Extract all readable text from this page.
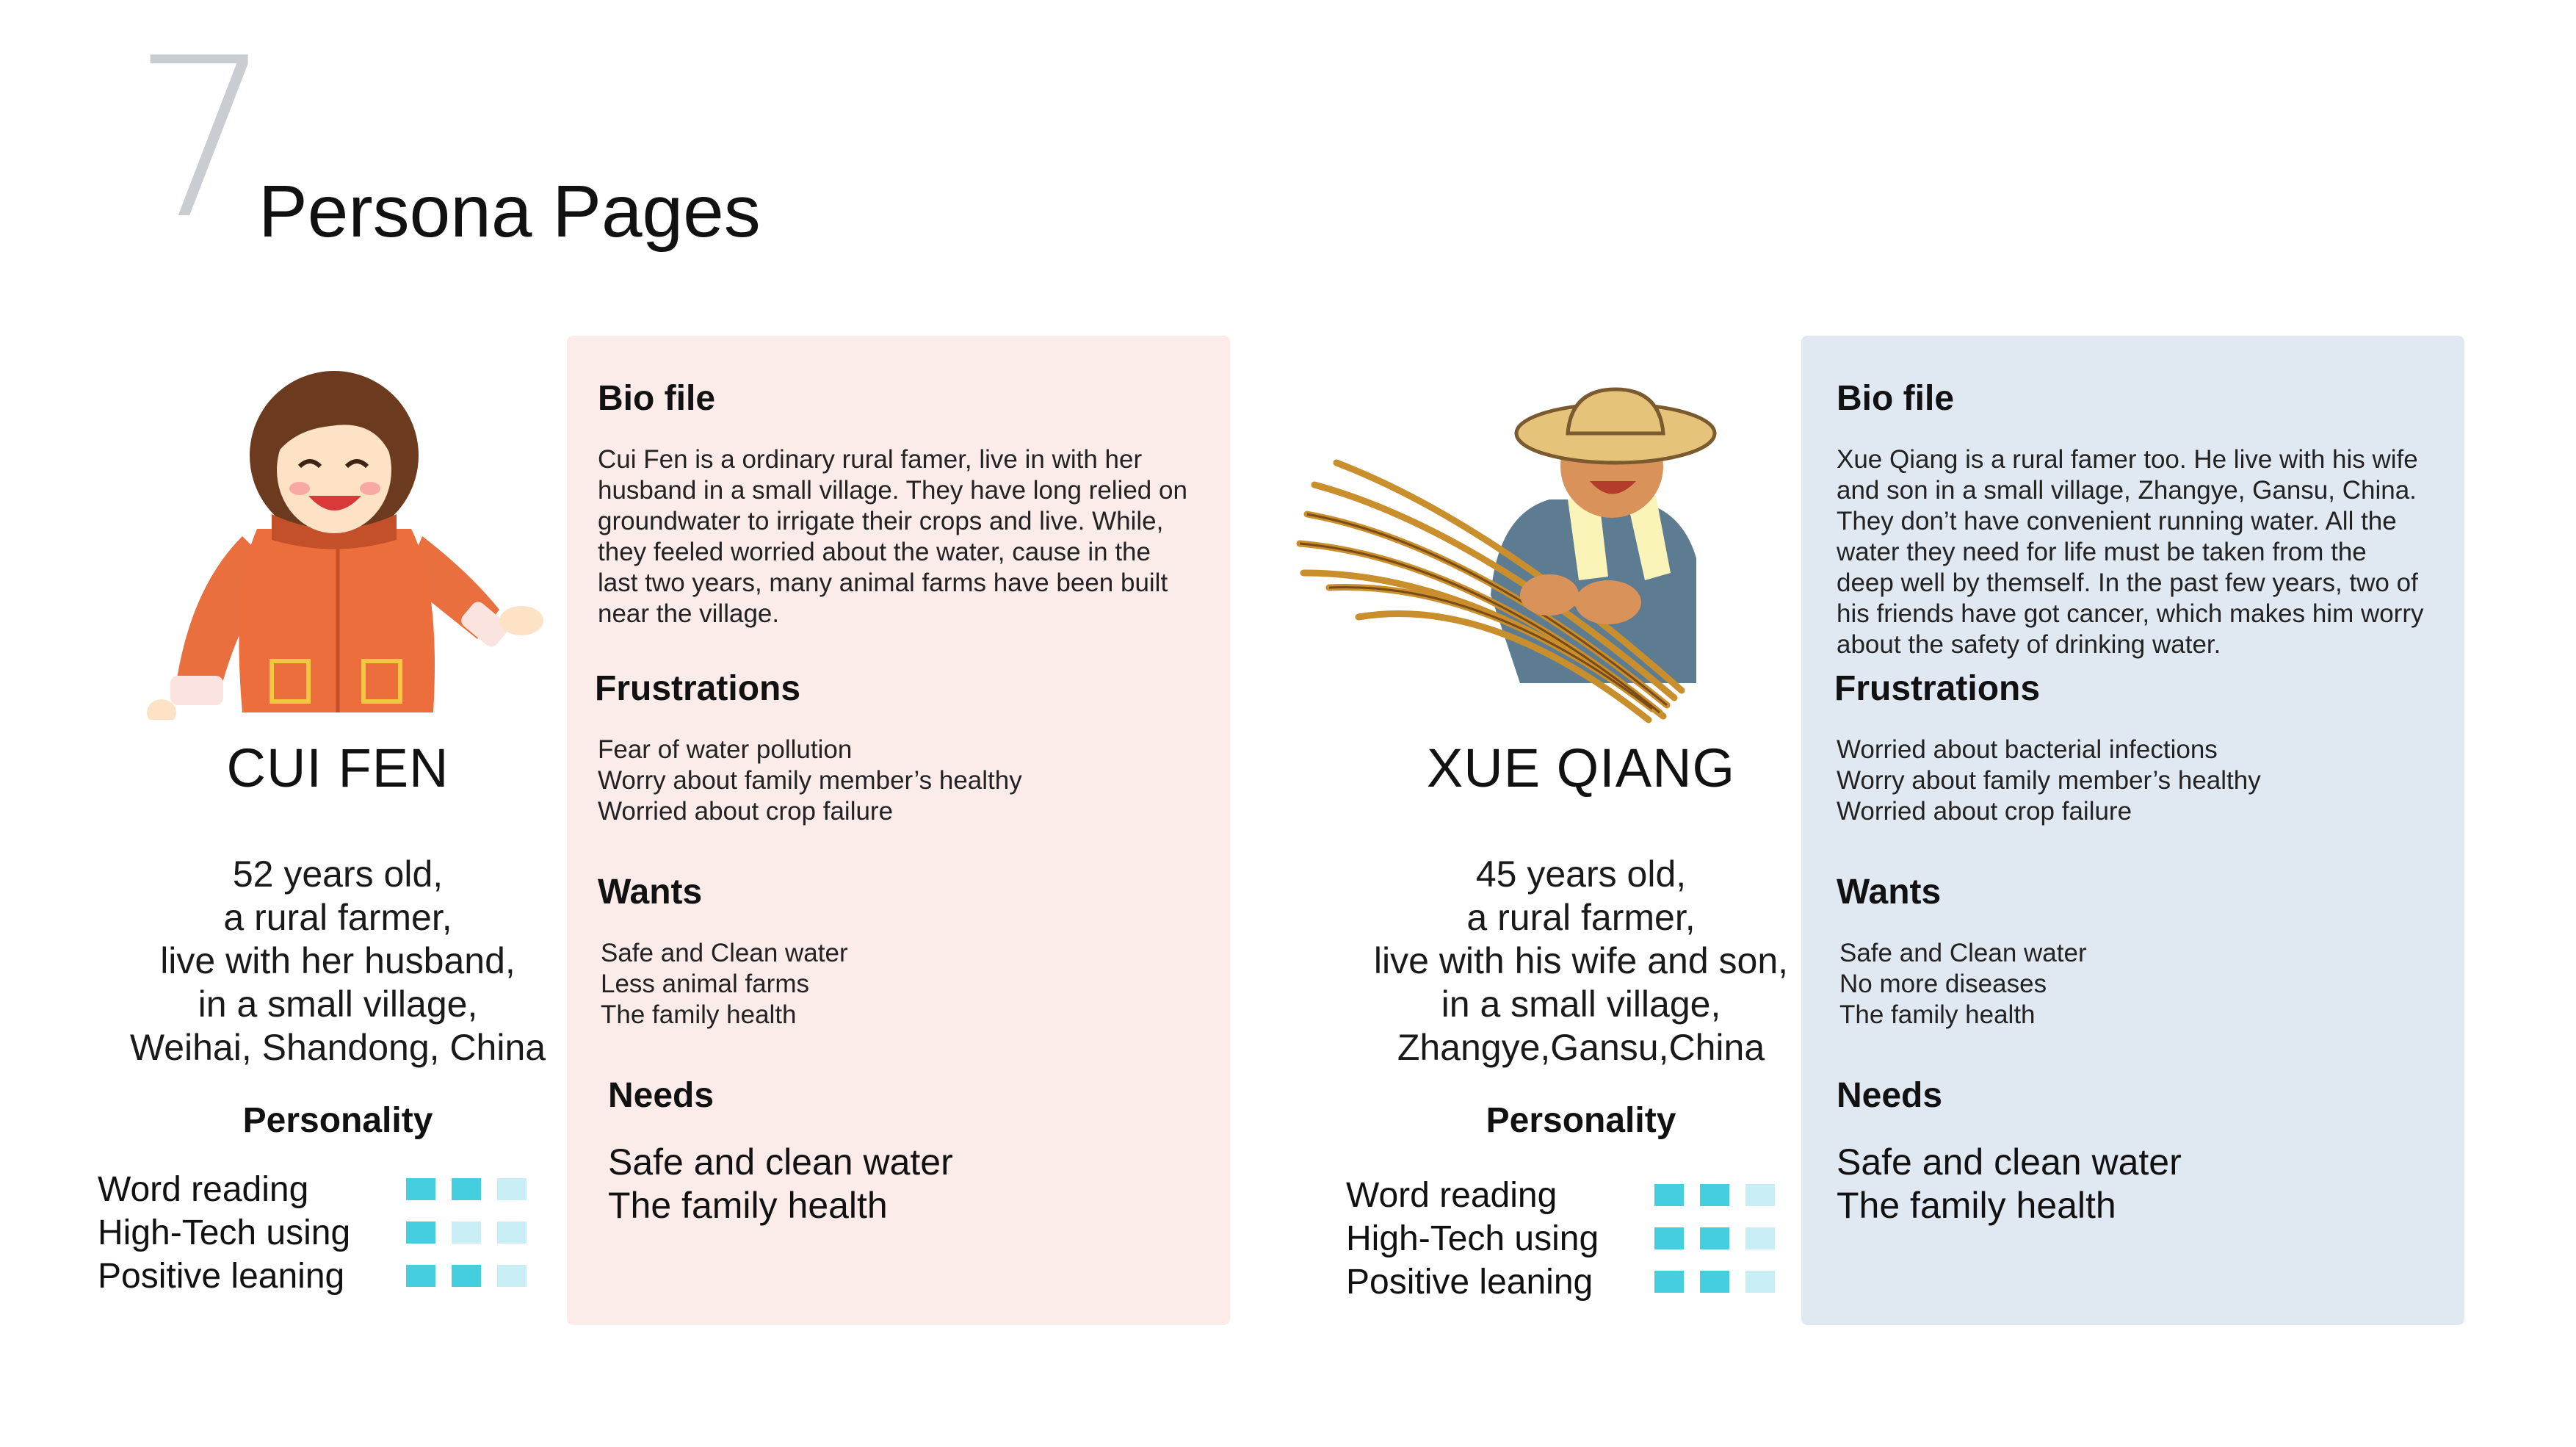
7
Persona Pages
CUI FEN
52 years old,
a rural farmer,
live with her husband,
in a small village,
Weihai, Shandong, China
Personality
Word reading
High-Tech using
Positive leaning
Bio file
Cui Fen is a ordinary rural famer, live in with her
husband in a small village. They have long relied on
groundwater to irrigate their crops and live. While,
they feeled worried about the water, cause in the
last two years, many animal farms have been built
near the village.
Frustrations
Fear of water pollution
Worry about family member’s healthy
Worried about crop failure
Wants
Safe and Clean water
Less animal farms
The family health
Needs
Safe and clean water
The family health
XUE QIANG
45 years old,
a rural farmer,
live with his wife and son,
in a small village,
Zhangye,Gansu,China
Personality
Word reading
High-Tech using
Positive leaning
Bio file
Xue Qiang is a rural famer too. He live with his wife
and son in a small village, Zhangye, Gansu, China.
They don’t have convenient running water. All the
water they need for life must be taken from the
deep well by themself. In the past few years, two of
his friends have got cancer, which makes him worry
about the safety of drinking water.
Frustrations
Worried about bacterial infections
Worry about family member’s healthy
Worried about crop failure
Wants
Safe and Clean water
No more diseases
The family health
Needs
Safe and clean water
The family health
